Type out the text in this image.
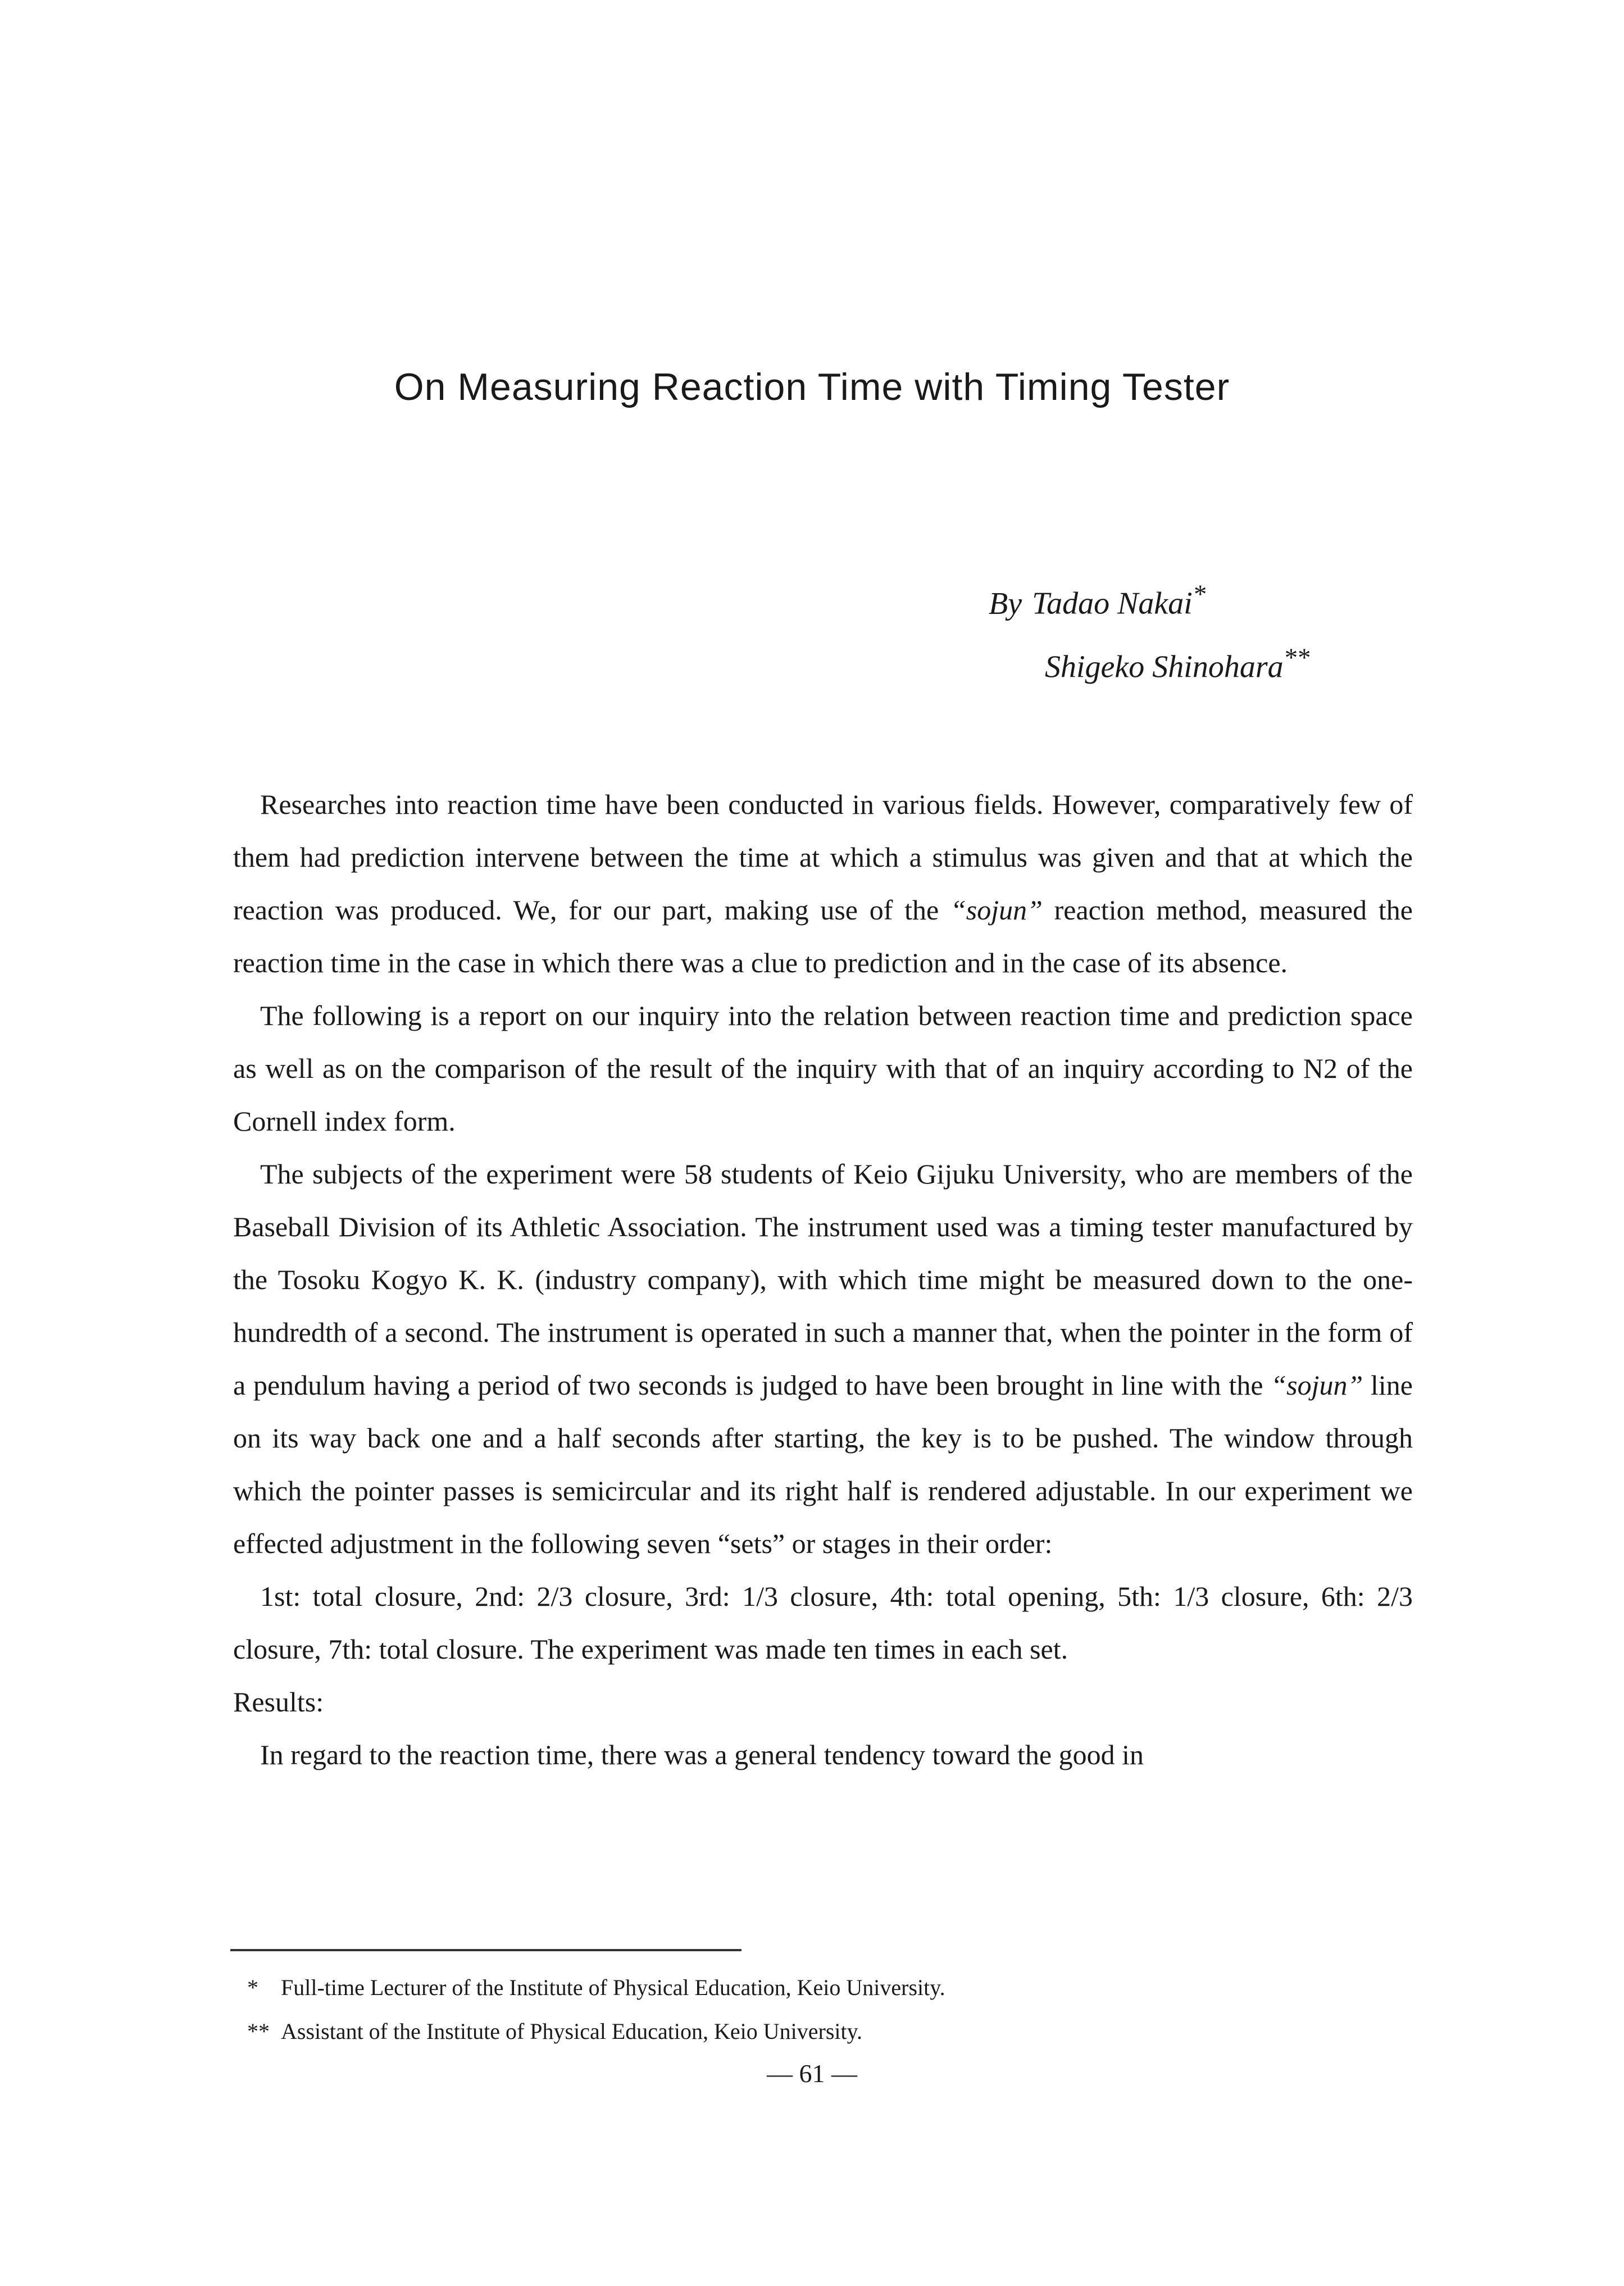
On Measuring Reaction Time with Timing Tester
By Tadao Nakai*
Shigeko Shinohara**

Researches into reaction time have been conducted in various fields. However, comparatively few of them had prediction intervene between the time at which a stimulus was given and that at which the reaction was produced. We, for our part, making use of the “sojun” reaction method, measured the reaction time in the case in which there was a clue to prediction and in the case of its absence.

The following is a report on our inquiry into the relation between reaction time and prediction space as well as on the comparison of the result of the inquiry with that of an inquiry according to N2 of the Cornell index form.

The subjects of the experiment were 58 students of Keio Gijuku University, who are members of the Baseball Division of its Athletic Association. The instrument used was a timing tester manufactured by the Tosoku Kogyo K. K. (industry company), with which time might be measured down to the one-hundredth of a second. The instrument is operated in such a manner that, when the pointer in the form of a pendulum having a period of two seconds is judged to have been brought in line with the “sojun” line on its way back one and a half seconds after starting, the key is to be pushed. The window through which the pointer passes is semicircular and its right half is rendered adjustable. In our experiment we effected adjustment in the following seven “sets” or stages in their order:

1st: total closure, 2nd: 2/3 closure, 3rd: 1/3 closure, 4th: total opening, 5th: 1/3 closure, 6th: 2/3 closure, 7th: total closure. The experiment was made ten times in each set.

Results:

In regard to the reaction time, there was a general tendency toward the good in

* Full-time Lecturer of the Institute of Physical Education, Keio University.
** Assistant of the Institute of Physical Education, Keio University.
— 61 —
